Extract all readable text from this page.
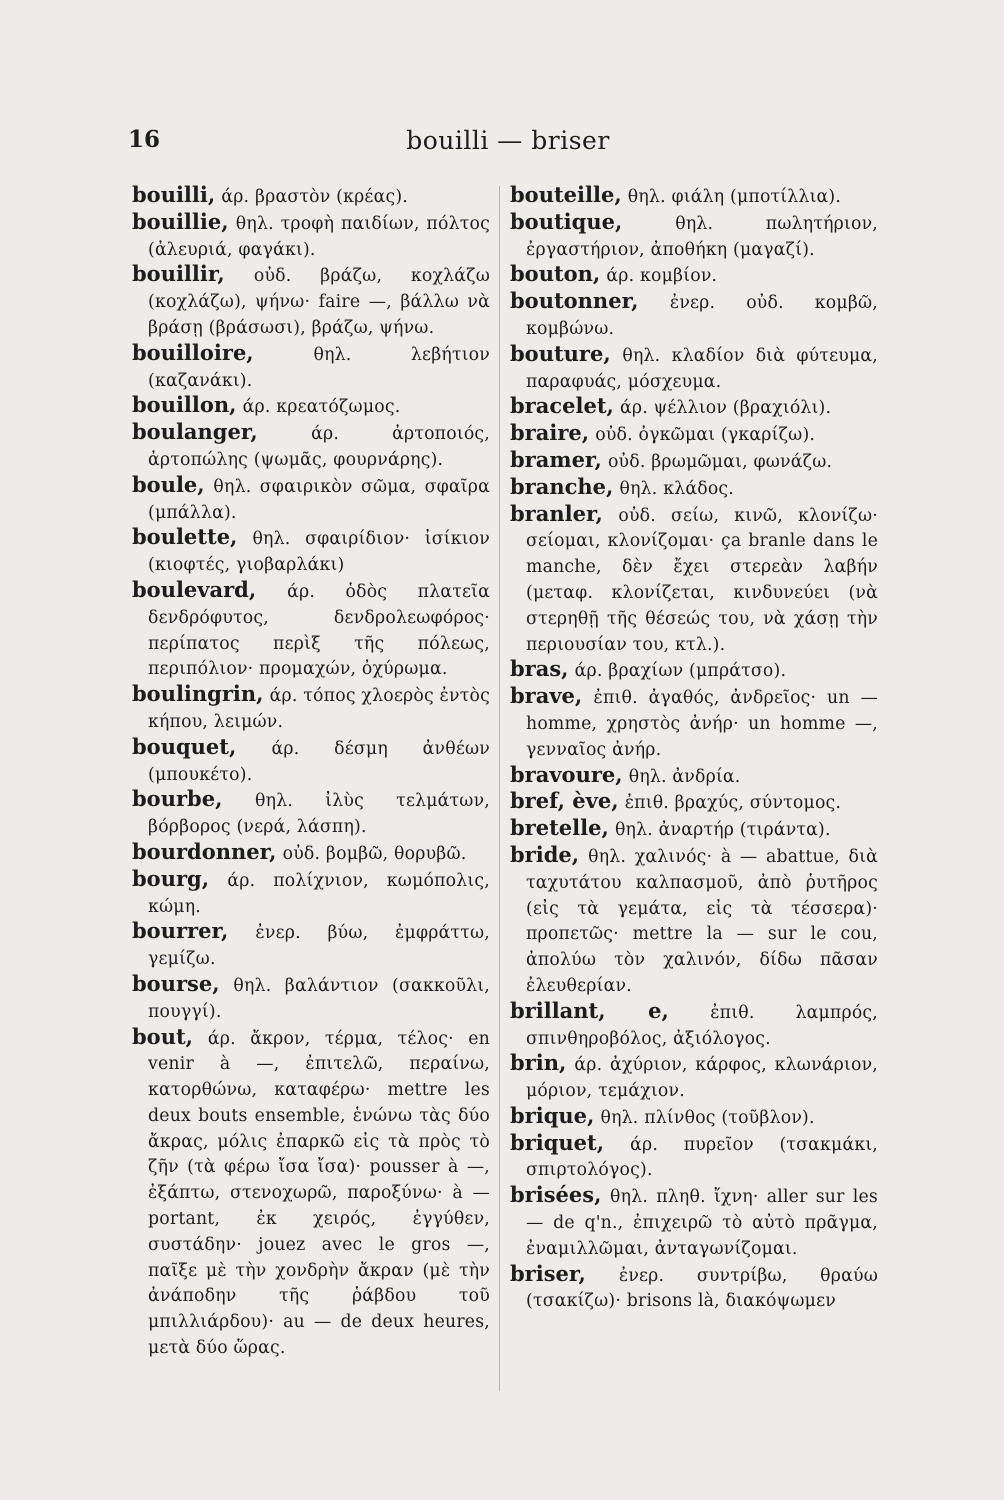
16	bouilli — briser

bouilli, άρ. βραστὸν (κρέας).

bouillie, θηλ. τροφὴ παιδίων, πόλτος (ἀλευριά, φαγάκι).

bouillir, οὐδ. βράζω, κοχλάζω (κοχλάζω), ψήνω· faire —, βάλλω νὰ βράσῃ (βράσωσι), βράζω, ψήνω.

bouilloire,	θηλ. λεβήτιον (καζανάκι).

bouillon, άρ. κρεατόζωμος.

boulanger,	άρ. ἀρτοποιός, ἀρτοπώλης (ψωμᾶς, φουρνάρης).

boule, θηλ. σφαιρικὸν σῶμα, σφαῖρα (μπάλλα).

boulette, θηλ. σφαιρίδιον· ἰσίκιον (κιοφτές, γιοβαρλάκι)

boulevard, άρ. ὁδὸς πλατεῖα δενδρόφυτος, δενδρολεωφόρος· περίπατος περὶξ τῆς πόλεως, περιπόλιον· προμαχών, ὀχύρωμα.

boulingrin, άρ. τόπος χλοερὸς ἐντὸς κήπου, λειμών.

bouquet, άρ. δέσμη ἀνθέων (μπουκέτο).

bourbe, θηλ. ἰλὺς τελμάτων, βόρβορος (νερά, λάσπη).

bourdonner, οὐδ. βομβῶ, θορυβῶ.

bourg, άρ. πολίχνιον, κωμόπολις, κώμη.

bourrer, ἐνερ. βύω, ἐμφράττω, γεμίζω.

bourse, θηλ. βαλάντιον (σακκοῦλι, πουγγί).

bout, άρ. ἄκρον, τέρμα, τέλος· en venir à —, ἐπιτελῶ, περαίνω, κατορθώνω, καταφέρω· mettre les deux bouts ensemble, ἑνώνω τὰς δύο ἄκρας, μόλις ἐπαρκῶ εἰς τὰ πρὸς τὸ ζῆν (τὰ φέρω ἴσα ἴσα)· pousser à —, ἐξάπτω, στενοχωρῶ, παροξύνω· à — portant, ἐκ χειρός, ἐγγύθεν, συστάδην· jouez avec le gros —, παῖξε μὲ τὴν χονδρὴν ἄκραν (μὲ τὴν ἀνάποδην τῆς ῥάβδου τοῦ μπιλλιάρδου)· au — de deux heures, μετὰ δύο ὥρας.

bouteille, θηλ. φιάλη (μποτίλλια).

boutique,	θηλ. πωλητήριον, ἐργαστήριον, ἀποθήκη (μαγαζί).

bouton, άρ. κομβίον.

boutonner, ἐνερ. οὐδ. κομβῶ, κομβώνω.

bouture, θηλ. κλαδίον διὰ φύτευμα, παραφυάς, μόσχευμα.

bracelet, άρ. ψέλλιον (βραχιόλι).

braire, οὐδ. ὀγκῶμαι (γκαρίζω).

bramer, οὐδ. βρωμῶμαι, φωνάζω.

branche, θηλ. κλάδος.

branler, οὐδ. σείω, κινῶ, κλονίζω· σείομαι, κλονίζομαι· ça branle dans le manche, δὲν ἔχει στερεὰν λαβήν (μεταφ. κλονίζεται, κινδυνεύει (νὰ στερηθῇ τῆς θέσεώς του, νὰ χάσῃ τὴν περιουσίαν του, κτλ.).

bras, άρ. βραχίων (μπράτσο).

brave, ἐπιθ. ἀγαθός, ἀνδρεῖος· un — homme, χρηστὸς ἀνήρ· un homme —, γενναῖος ἀνήρ.

bravoure, θηλ. ἀνδρία.

bref, ève, ἐπιθ. βραχύς, σύντομος.

bretelle, θηλ. ἀναρτήρ (τιράντα).

bride, θηλ. χαλινός· à — abattue, διὰ ταχυτάτου καλπασμοῦ, ἀπὸ ῥυτῆρος (εἰς τὰ γεμάτα, εἰς τὰ τέσσερα)· προπετῶς· mettre la — sur le cou, ἀπολύω τὸν χαλινόν, δίδω πᾶσαν ἐλευθερίαν.

brillant, e, ἐπιθ. λαμπρός, σπινθηροβόλος, ἀξιόλογος.

brin, άρ. ἀχύριον, κάρφος, κλωνάριον, μόριον, τεμάχιον.

brique, θηλ. πλίνθος (τοῦβλον).

briquet, άρ. πυρεῖον (τσακμάκι, σπιρτολόγος).

brisées, θηλ. πληθ. ἴχνη· aller sur les — de q'n., ἐπιχειρῶ τὸ αὐτὸ πρᾶγμα, ἐναμιλλῶμαι, ἀνταγωνίζομαι.

briser, ἐνερ. συντρίβω, θραύω (τσακίζω)· brisons là, διακόψωμεν
